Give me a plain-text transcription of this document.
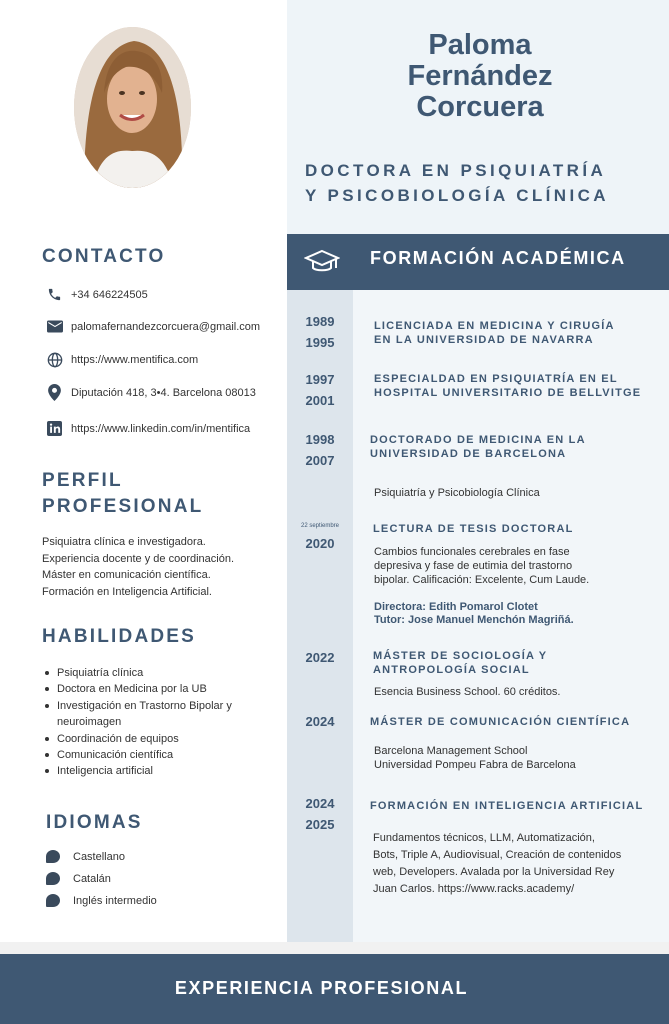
Paloma
Fernández
Corcuera
DOCTORA EN PSIQUIATRÍA
Y PSICOBIOLOGÍA CLÍNICA
CONTACTO
+34 646224505
palomafernandezcorcuera@gmail.com
https://www.mentifica.com
Diputación 418, 3•4. Barcelona 08013
https://www.linkedin.com/in/mentifica
PERFIL
PROFESIONAL
Psiquiatra clínica e investigadora.
Experiencia docente y de coordinación.
Máster en comunicación científica.
Formación en Inteligencia Artificial.
HABILIDADES
Psiquiatría clínica
Doctora en Medicina por la UB
Investigación en Trastorno Bipolar y neuroimagen
Coordinación de equipos
Comunicación científica
Inteligencia artificial
IDIOMAS
Castellano
Catalán
Inglés intermedio
FORMACIÓN ACADÉMICA
1989
1995
LICENCIADA EN MEDICINA Y CIRUGÍA
EN LA UNIVERSIDAD DE NAVARRA
1997
2001
ESPECIALDAD EN PSIQUIATRÍA EN EL
HOSPITAL UNIVERSITARIO DE BELLVITGE
1998
2007
DOCTORADO DE MEDICINA EN LA
UNIVERSIDAD DE BARCELONA
Psiquiatría y Psicobiología Clínica
22 septiembre
2020
LECTURA DE TESIS DOCTORAL
Cambios funcionales cerebrales en fase
depresiva y fase de eutimia del trastorno
bipolar. Calificación: Excelente, Cum Laude.
Directora: Edith Pomarol Clotet
Tutor: Jose Manuel Menchón Magriñá.
2022	MÁSTER DE SOCIOLOGÍA Y
ANTROPOLOGÍA SOCIAL
Esencia Business School. 60 créditos.
2024	MÁSTER DE COMUNICACIÓN CIENTÍFICA
Barcelona Management School
Universidad Pompeu Fabra de Barcelona
2024
2025
FORMACIÓN EN INTELIGENCIA ARTIFICIAL
Fundamentos técnicos, LLM, Automatización,
Bots, Triple A, Audiovisual, Creación de contenidos
web, Developers. Avalada por la Universidad Rey
Juan Carlos. https://www.racks.academy/
EXPERIENCIA PROFESIONAL
